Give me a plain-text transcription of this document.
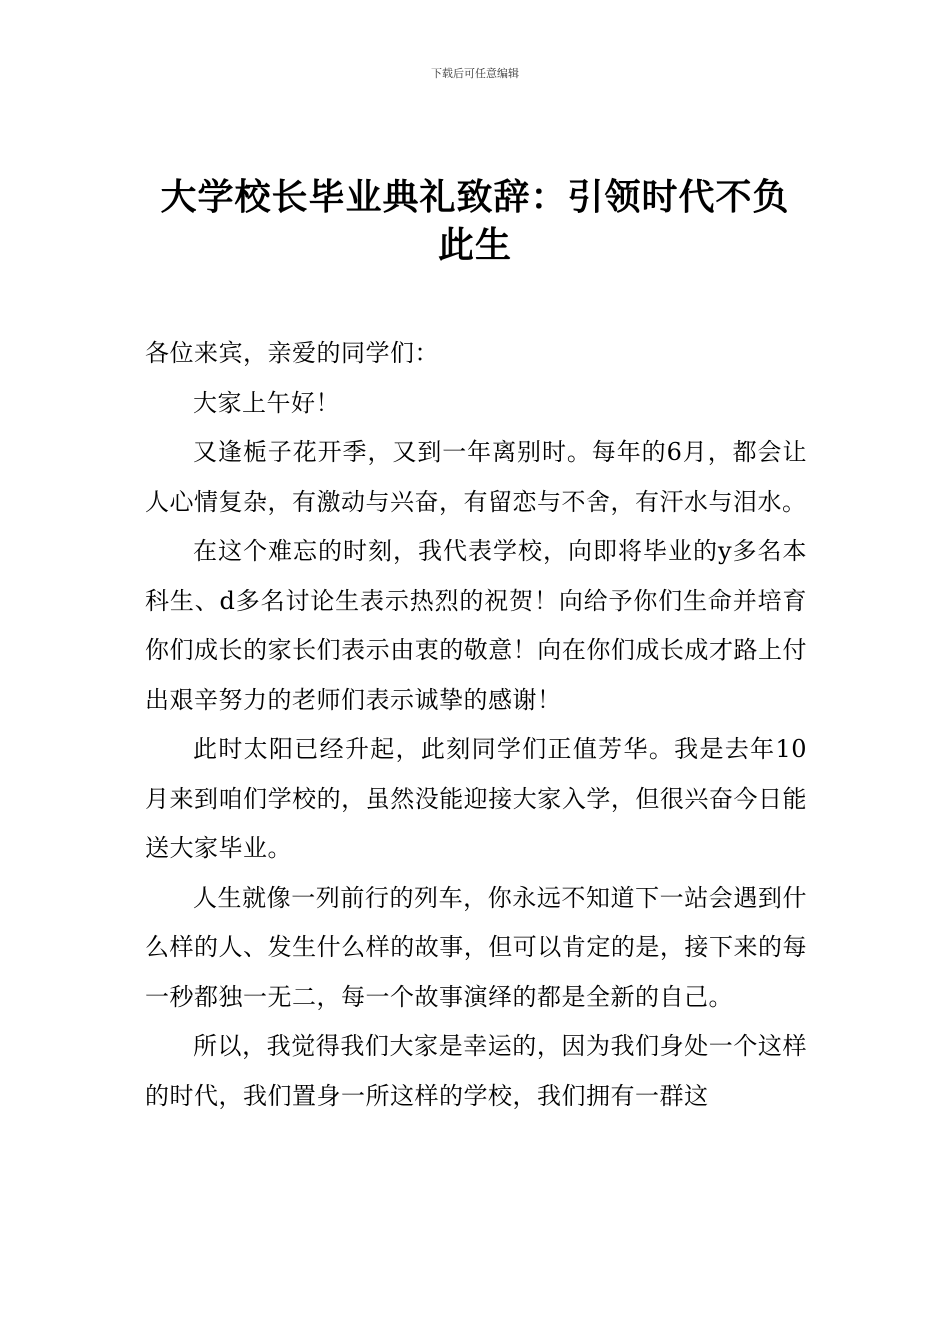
下载后可任意编辑
大学校长毕业典礼致辞：引领时代不负此生

各位来宾，亲爱的同学们：

大家上午好！

又逢栀子花开季，又到一年离别时。每年的6月，都会让人心情复杂，有激动与兴奋，有留恋与不舍，有汗水与泪水。

在这个难忘的时刻，我代表学校，向即将毕业的y多名本科生、d多名讨论生表示热烈的祝贺！向给予你们生命并培育你们成长的家长们表示由衷的敬意！向在你们成长成才路上付出艰辛努力的老师们表示诚挚的感谢！

此时太阳已经升起，此刻同学们正值芳华。我是去年10月来到咱们学校的，虽然没能迎接大家入学，但很兴奋今日能送大家毕业。

人生就像一列前行的列车，你永远不知道下一站会遇到什么样的人、发生什么样的故事，但可以肯定的是，接下来的每一秒都独一无二，每一个故事演绎的都是全新的自己。

所以，我觉得我们大家是幸运的，因为我们身处一个这样的时代，我们置身一所这样的学校，我们拥有一群这
